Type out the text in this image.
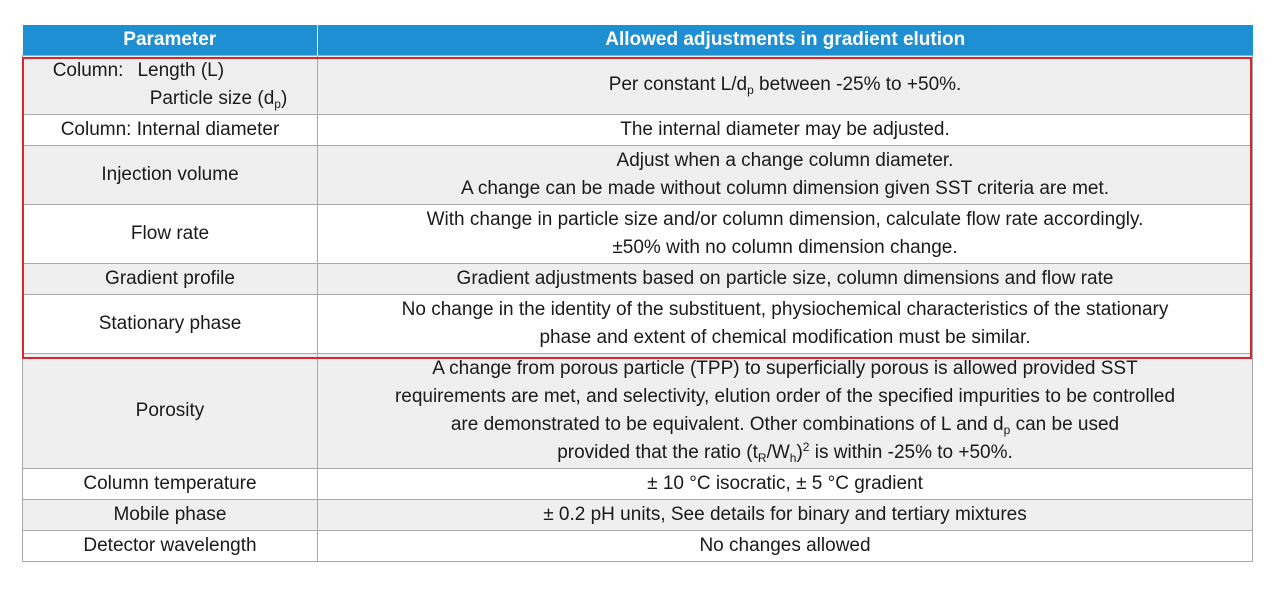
Parameter	Allowed adjustments in gradient elution

Column: Length (L)
Particle size $(d_p)$	Per constant $L/d_p$ between -25% to +50%.
Column: Internal diameter	The internal diameter may be adjusted.
Injection volume	Adjust when a change column diameter.
A change can be made without column dimension given SST criteria are met.
Flow rate	With change in particle size and/or column dimension, calculate flow rate accordingly.
±50% with no column dimension change.
Gradient profile	Gradient adjustments based on particle size, column dimensions and flow rate
Stationary phase	No change in the identity of the substituent, physiochemical characteristics of the stationary
phase and extent of chemical modification must be similar.
Porosity	A change from porous particle (TPP) to superficially porous is allowed provided SST
requirements are met, and selectivity, elution order of the specified impurities to be controlled
are demonstrated to be equivalent. Other combinations of L and $d_p$ can be used
provided that the ratio $(t_R/W_h)^2$ is within -25% to +50%.
Column temperature	± 10 °C isocratic, ± 5 °C gradient
Mobile phase	± 0.2 pH units, See details for binary and tertiary mixtures
Detector wavelength	No changes allowed
